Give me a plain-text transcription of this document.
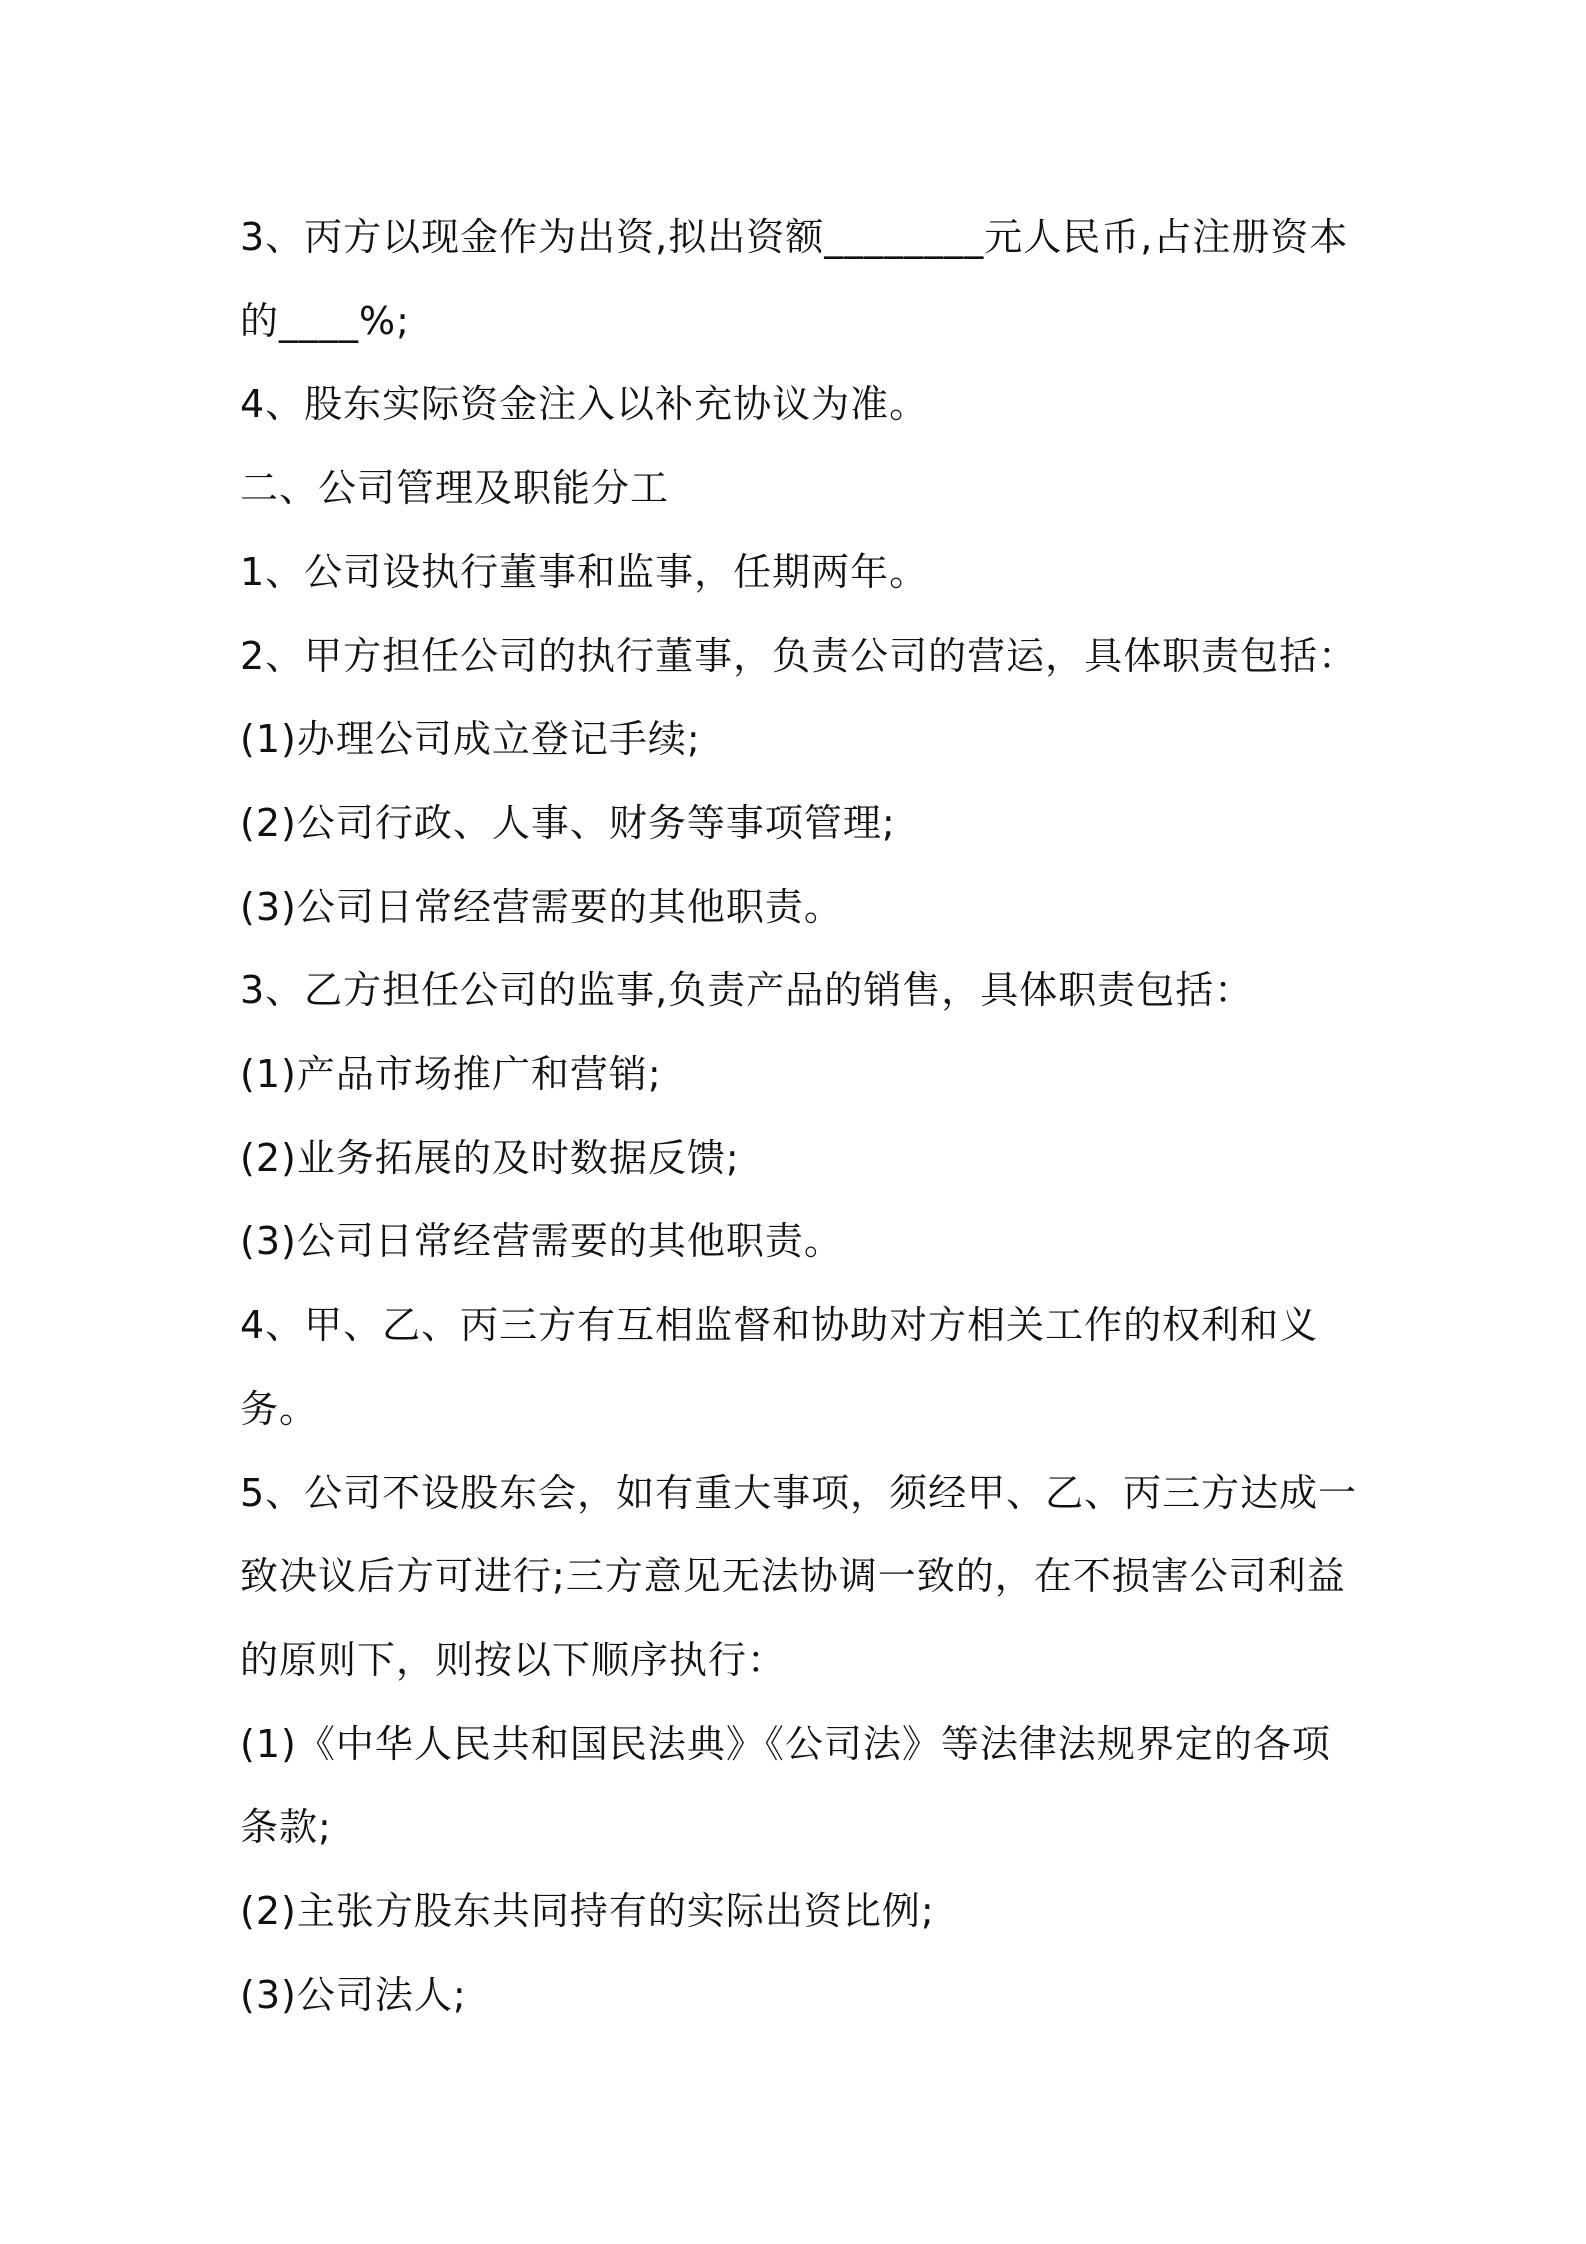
3、丙方以现金作为出资,拟出资额________元人民币,占注册资本的____%;

4、股东实际资金注入以补充协议为准。

二、公司管理及职能分工

1、公司设执行董事和监事，任期两年。

2、甲方担任公司的执行董事，负责公司的营运，具体职责包括：

(1)办理公司成立登记手续;

(2)公司行政、人事、财务等事项管理;

(3)公司日常经营需要的其他职责。

3、乙方担任公司的监事,负责产品的销售，具体职责包括：

(1)产品市场推广和营销;

(2)业务拓展的及时数据反馈;

(3)公司日常经营需要的其他职责。

4、甲、乙、丙三方有互相监督和协助对方相关工作的权利和义务。

5、公司不设股东会，如有重大事项，须经甲、乙、丙三方达成一致决议后方可进行;三方意见无法协调一致的，在不损害公司利益的原则下，则按以下顺序执行：

(1)《中华人民共和国民法典》《公司法》等法律法规界定的各项条款;

(2)主张方股东共同持有的实际出资比例;

(3)公司法人;
